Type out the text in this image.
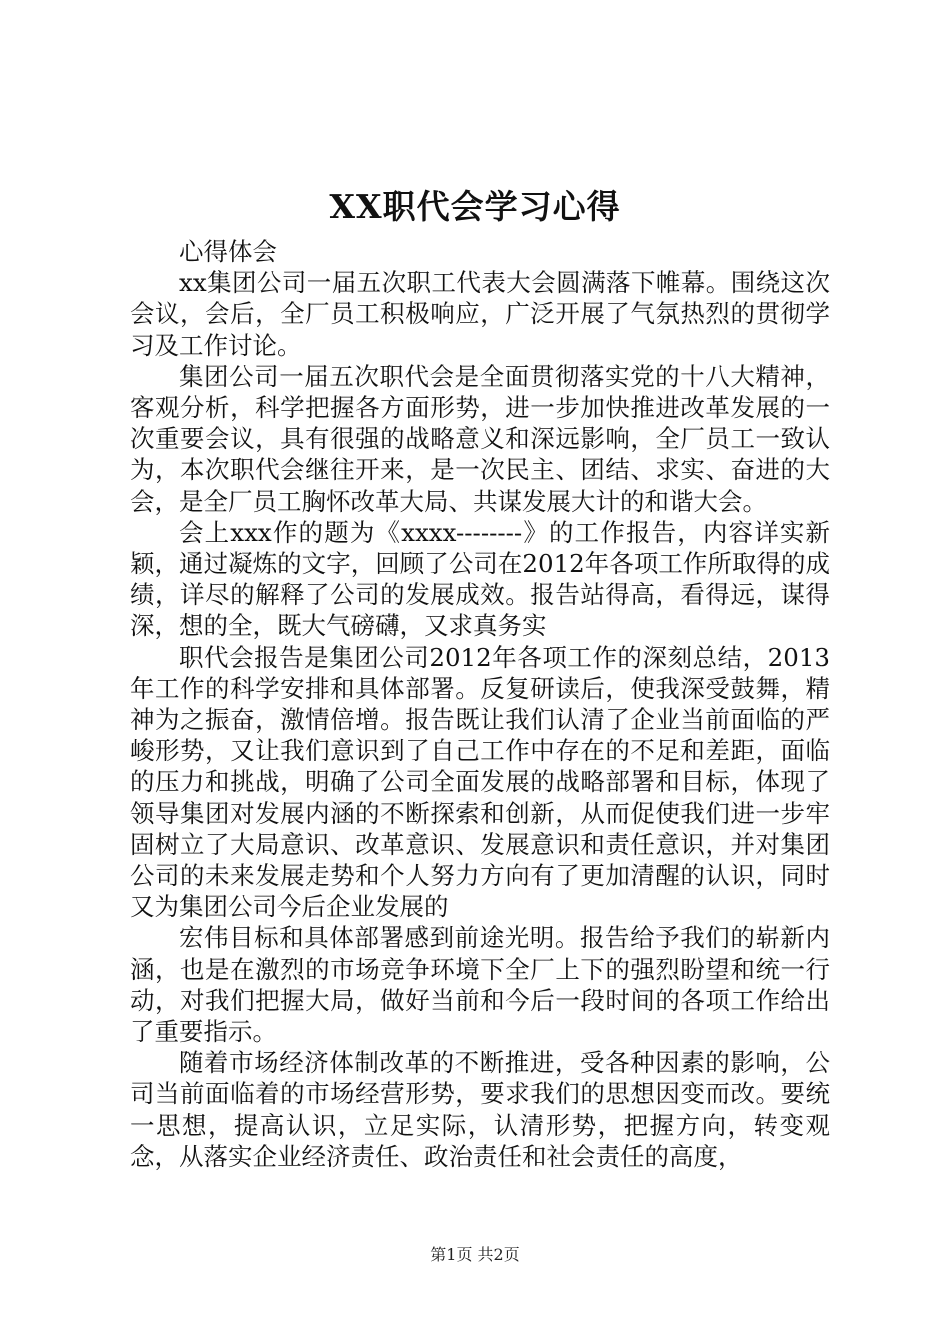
XX职代会学习心得

心得体会

xx集团公司一届五次职工代表大会圆满落下帷幕。围绕这次会议，会后，全厂员工积极响应，广泛开展了气氛热烈的贯彻学习及工作讨论。

集团公司一届五次职代会是全面贯彻落实党的十八大精神，客观分析，科学把握各方面形势，进一步加快推进改革发展的一次重要会议，具有很强的战略意义和深远影响，全厂员工一致认为，本次职代会继往开来，是一次民主、团结、求实、奋进的大会，是全厂员工胸怀改革大局、共谋发展大计的和谐大会。

会上xxx作的题为《xxxx--------》的工作报告，内容详实新颖，通过凝炼的文字，回顾了公司在2012年各项工作所取得的成绩，详尽的解释了公司的发展成效。报告站得高，看得远，谋得深，想的全，既大气磅礴，又求真务实

职代会报告是集团公司2012年各项工作的深刻总结，2013年工作的科学安排和具体部署。反复研读后，使我深受鼓舞，精神为之振奋，激情倍增。报告既让我们认清了企业当前面临的严峻形势，又让我们意识到了自己工作中存在的不足和差距，面临的压力和挑战，明确了公司全面发展的战略部署和目标，体现了领导集团对发展内涵的不断探索和创新，从而促使我们进一步牢固树立了大局意识、改革意识、发展意识和责任意识，并对集团公司的未来发展走势和个人努力方向有了更加清醒的认识，同时又为集团公司今后企业发展的

宏伟目标和具体部署感到前途光明。报告给予我们的崭新内涵，也是在激烈的市场竞争环境下全厂上下的强烈盼望和统一行动，对我们把握大局，做好当前和今后一段时间的各项工作给出了重要指示。

随着市场经济体制改革的不断推进，受各种因素的影响，公司当前面临着的市场经营形势，要求我们的思想因变而改。要统一思想，提高认识，立足实际，认清形势，把握方向，转变观念，从落实企业经济责任、政治责任和社会责任的高度，

第1页 共2页
